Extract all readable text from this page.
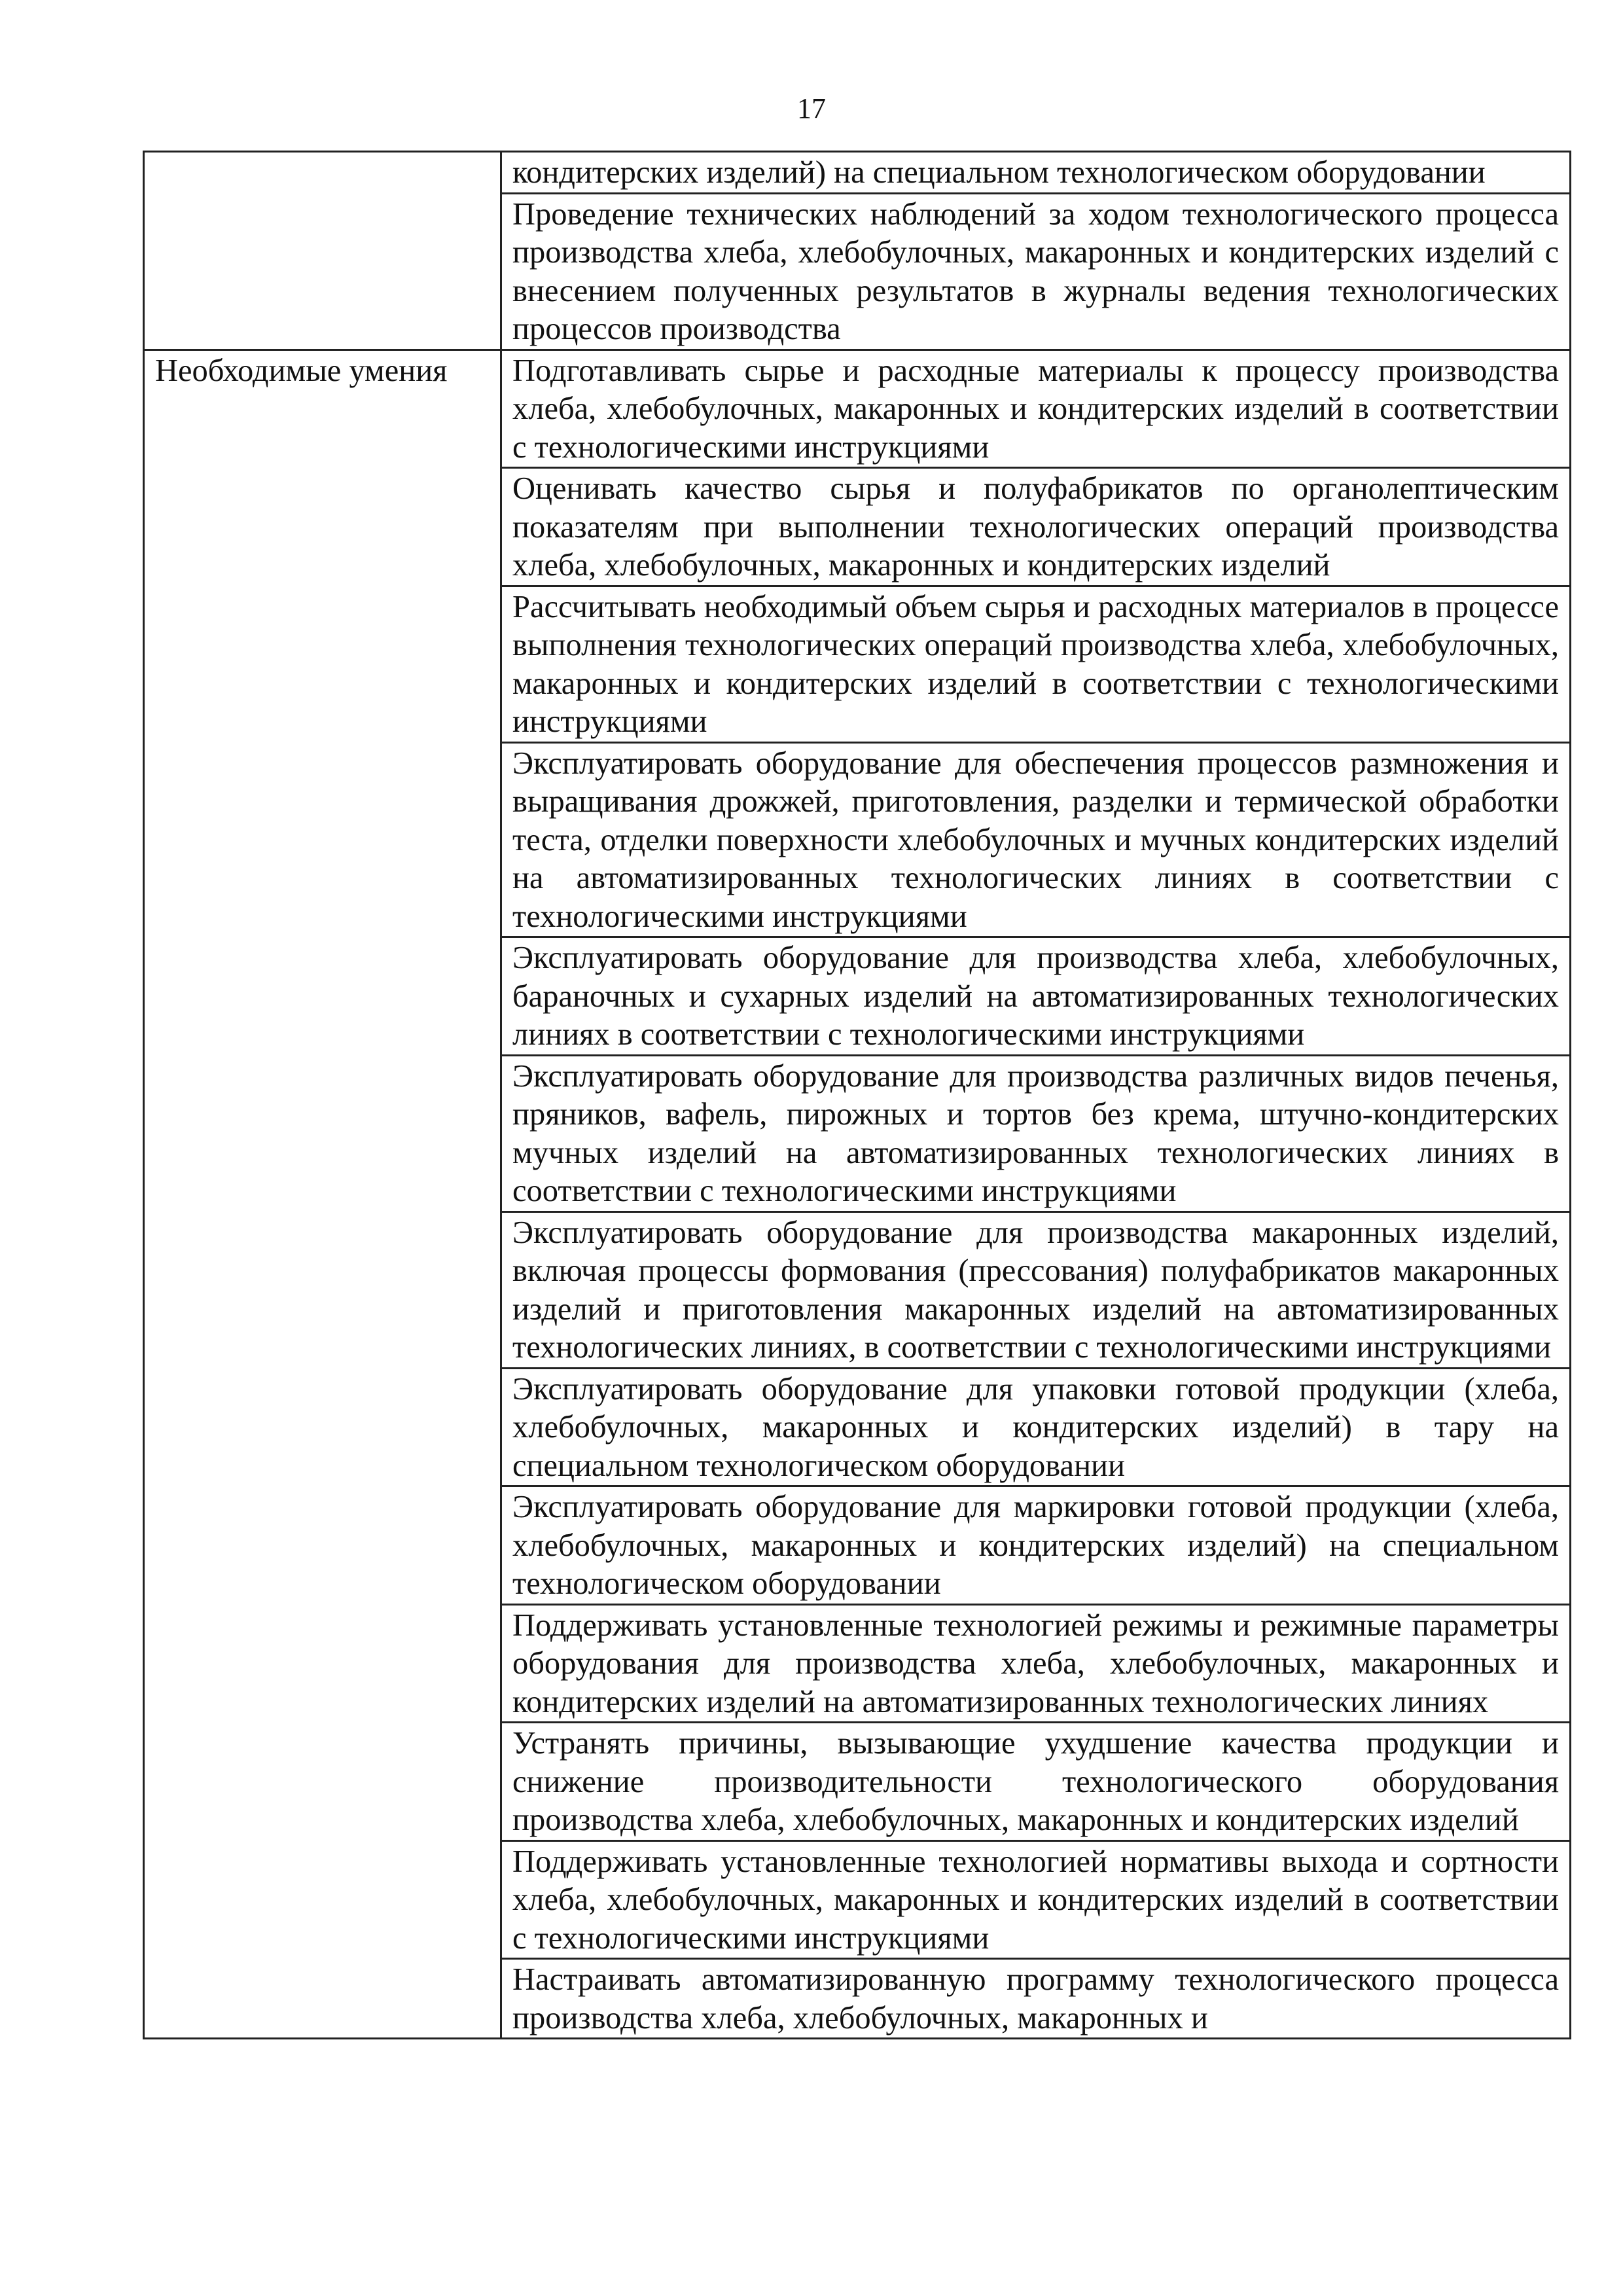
17
	кондитерских изделий) на специальном технологическом оборудовании
	Проведение технических наблюдений за ходом технологического процесса производства хлеба, хлебобулочных, макаронных и кондитерских изделий с внесением полученных результатов в журналы ведения технологических процессов производства
Необходимые умения	Подготавливать сырье и расходные материалы к процессу производства хлеба, хлебобулочных, макаронных и кондитерских изделий в соответствии с технологическими инструкциями
	Оценивать качество сырья и полуфабрикатов по органолептическим показателям при выполнении технологических операций производства хлеба, хлебобулочных, макаронных и кондитерских изделий
	Рассчитывать необходимый объем сырья и расходных материалов в процессе выполнения технологических операций производства хлеба, хлебобулочных, макаронных и кондитерских изделий в соответствии с технологическими инструкциями
	Эксплуатировать оборудование для обеспечения процессов размножения и выращивания дрожжей, приготовления, разделки и термической обработки теста, отделки поверхности хлебобулочных и мучных кондитерских изделий на автоматизированных технологических линиях в соответствии с технологическими инструкциями
	Эксплуатировать оборудование для производства хлеба, хлебобулочных, бараночных и сухарных изделий на автоматизированных технологических линиях в соответствии с технологическими инструкциями
	Эксплуатировать оборудование для производства различных видов печенья, пряников, вафель, пирожных и тортов без крема, штучно-кондитерских мучных изделий на автоматизированных технологических линиях в соответствии с технологическими инструкциями
	Эксплуатировать оборудование для производства макаронных изделий, включая процессы формования (прессования) полуфабрикатов макаронных изделий и приготовления макаронных изделий на автоматизированных технологических линиях, в соответствии с технологическими инструкциями
	Эксплуатировать оборудование для упаковки готовой продукции (хлеба, хлебобулочных, макаронных и кондитерских изделий) в тару на специальном технологическом оборудовании
	Эксплуатировать оборудование для маркировки готовой продукции (хлеба, хлебобулочных, макаронных и кондитерских изделий) на специальном технологическом оборудовании
	Поддерживать установленные технологией режимы и режимные параметры оборудования для производства хлеба, хлебобулочных, макаронных и кондитерских изделий на автоматизированных технологических линиях
	Устранять причины, вызывающие ухудшение качества продукции и снижение производительности технологического оборудования производства хлеба, хлебобулочных, макаронных и кондитерских изделий
	Поддерживать установленные технологией нормативы выхода и сортности хлеба, хлебобулочных, макаронных и кондитерских изделий в соответствии с технологическими инструкциями
	Настраивать автоматизированную программу технологического процесса производства хлеба, хлебобулочных, макаронных и
